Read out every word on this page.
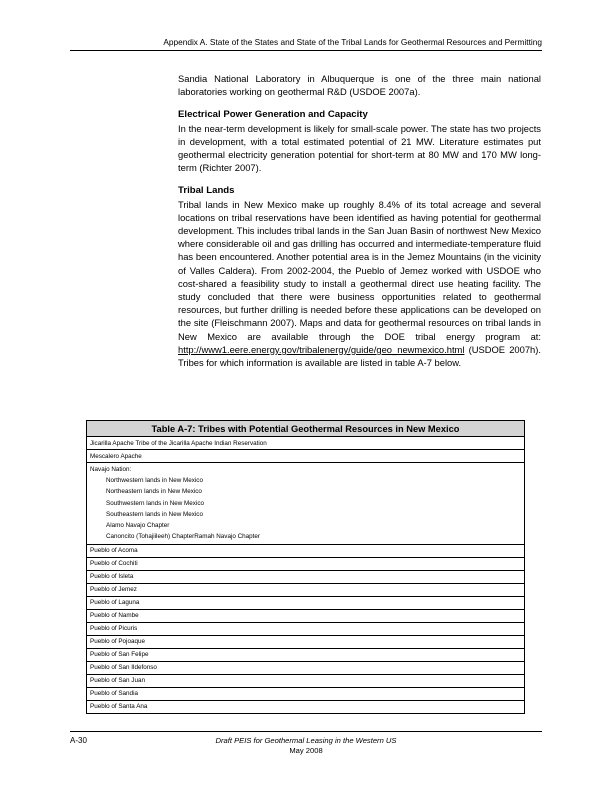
Appendix A. State of the States and State of the Tribal Lands for Geothermal Resources and Permitting

Sandia National Laboratory in Albuquerque is one of the three main national laboratories working on geothermal R&D (USDOE 2007a).

Electrical Power Generation and Capacity

In the near-term development is likely for small-scale power. The state has two projects in development, with a total estimated potential of 21 MW. Literature estimates put geothermal electricity generation potential for short-term at 80 MW and 170 MW long-term (Richter 2007).

Tribal Lands

Tribal lands in New Mexico make up roughly 8.4% of its total acreage and several locations on tribal reservations have been identified as having potential for geothermal development. This includes tribal lands in the San Juan Basin of northwest New Mexico where considerable oil and gas drilling has occurred and intermediate-temperature fluid has been encountered. Another potential area is in the Jemez Mountains (in the vicinity of Valles Caldera). From 2002-2004, the Pueblo of Jemez worked with USDOE who cost-shared a feasibility study to install a geothermal direct use heating facility. The study concluded that there were business opportunities related to geothermal resources, but further drilling is needed before these applications can be developed on the site (Fleischmann 2007). Maps and data for geothermal resources on tribal lands in New Mexico are available through the DOE tribal energy program at: http://www1.eere.energy.gov/tribalenergy/guide/geo_newmexico.html (USDOE 2007h). Tribes for which information is available are listed in table A-7 below.

Table A-7: Tribes with Potential Geothermal Resources in New Mexico
Jicarilla Apache Tribe of the Jicarilla Apache Indian Reservation
Mescalero Apache

Navajo Nation:
Northwestern lands in New Mexico
Northeastern lands in New Mexico
Southwestern lands in New Mexico
Southeastern lands in New Mexico
Alamo Navajo Chapter
Canoncito (Tohajiileeh) ChapterRamah Navajo Chapter

Pueblo of Acoma
Pueblo of Cochiti
Pueblo of Isleta
Pueblo of Jemez
Pueblo of Laguna
Pueblo of Nambe
Pueblo of Picuris
Pueblo of Pojoaque
Pueblo of San Felipe
Pueblo of San Ildefonso
Pueblo of San Juan
Pueblo of Sandia
Pueblo of Santa Ana
A-30	Draft PEIS for Geothermal Leasing in the Western US
May 2008
